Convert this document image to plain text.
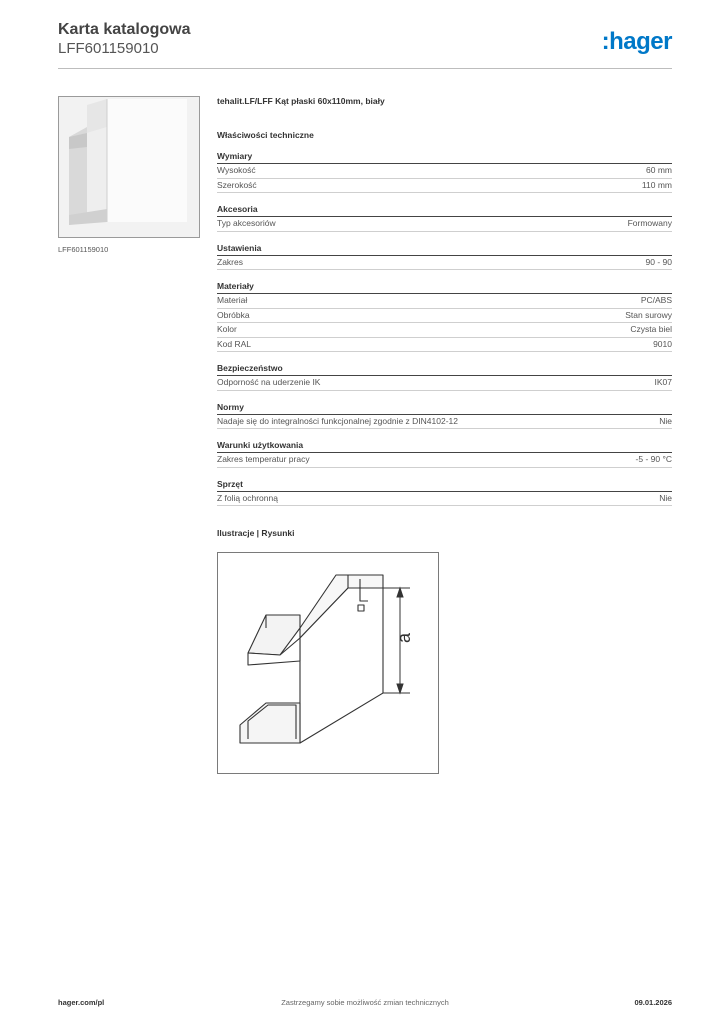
Karta katalogowa
LFF601159010	:hager
LFF601159010
tehalit.LF/LFF Kąt płaski 60x110mm, biały
Właściwości techniczne
Wymiary
Wysokość	60 mm
Szerokość	110 mm
Akcesoria
Typ akcesoriów	Formowany
Ustawienia
Zakres	90 - 90
Materiały
Materiał	PC/ABS
Obróbka	Stan surowy
Kolor	Czysta biel
Kod RAL	9010
Bezpieczeństwo
Odporność na uderzenie IK	IK07
Normy
Nadaje się do integralności funkcjonalnej zgodnie z DIN4102-12	Nie
Warunki użytkowania
Zakres temperatur pracy	-5 - 90 °C
Sprzęt
Z folią ochronną	Nie
Ilustracje | Rysunki
a
hager.com/pl	Zastrzegamy sobie możliwość zmian technicznych	09.01.2026
